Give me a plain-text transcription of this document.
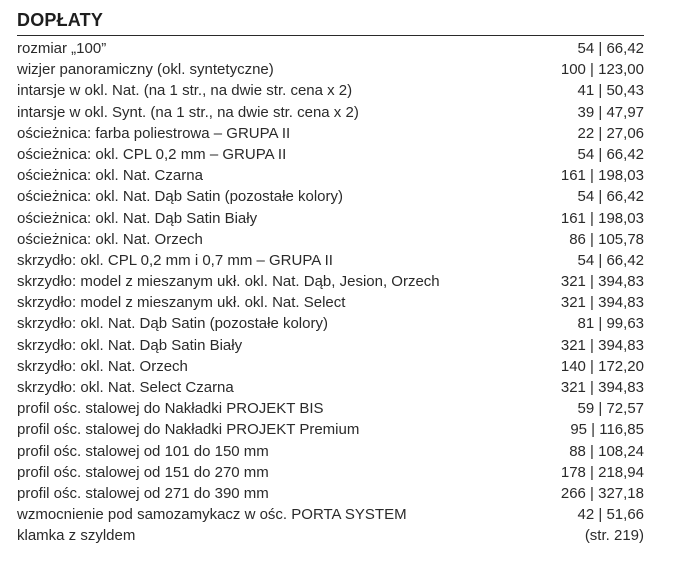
DOPŁATY
rozmiar „100”	54 | 66,42
wizjer panoramiczny (okl. syntetyczne)	100 | 123,00
intarsje w okl. Nat. (na 1 str., na dwie str. cena x 2)	41 | 50,43
intarsje w okl. Synt. (na 1 str., na dwie str. cena x 2)	39 | 47,97
ościeżnica: farba poliestrowa – GRUPA II	22 | 27,06
ościeżnica: okl. CPL 0,2 mm – GRUPA II	54 | 66,42
ościeżnica: okl. Nat. Czarna	161 | 198,03
ościeżnica: okl. Nat. Dąb Satin (pozostałe kolory)	54 | 66,42
ościeżnica: okl. Nat. Dąb Satin Biały	161 | 198,03
ościeżnica: okl. Nat. Orzech	86 | 105,78
skrzydło: okl. CPL 0,2 mm i 0,7 mm – GRUPA II	54 | 66,42
skrzydło: model z mieszanym ukł. okl. Nat. Dąb, Jesion, Orzech	321 | 394,83
skrzydło: model z mieszanym ukł. okl. Nat. Select	321 | 394,83
skrzydło: okl. Nat. Dąb Satin (pozostałe kolory)	81 | 99,63
skrzydło: okl. Nat. Dąb Satin Biały	321 | 394,83
skrzydło: okl. Nat. Orzech	140 | 172,20
skrzydło: okl. Nat. Select Czarna	321 | 394,83
profil ośc. stalowej do Nakładki PROJEKT BIS	59 | 72,57
profil ośc. stalowej do Nakładki PROJEKT Premium	95 | 116,85
profil ośc. stalowej od 101 do 150 mm	88 | 108,24
profil ośc. stalowej od 151 do 270 mm	178 | 218,94
profil ośc. stalowej od 271 do 390 mm	266 | 327,18
wzmocnienie pod samozamykacz w ośc. PORTA SYSTEM	42 | 51,66
klamka z szyldem	(str. 219)
